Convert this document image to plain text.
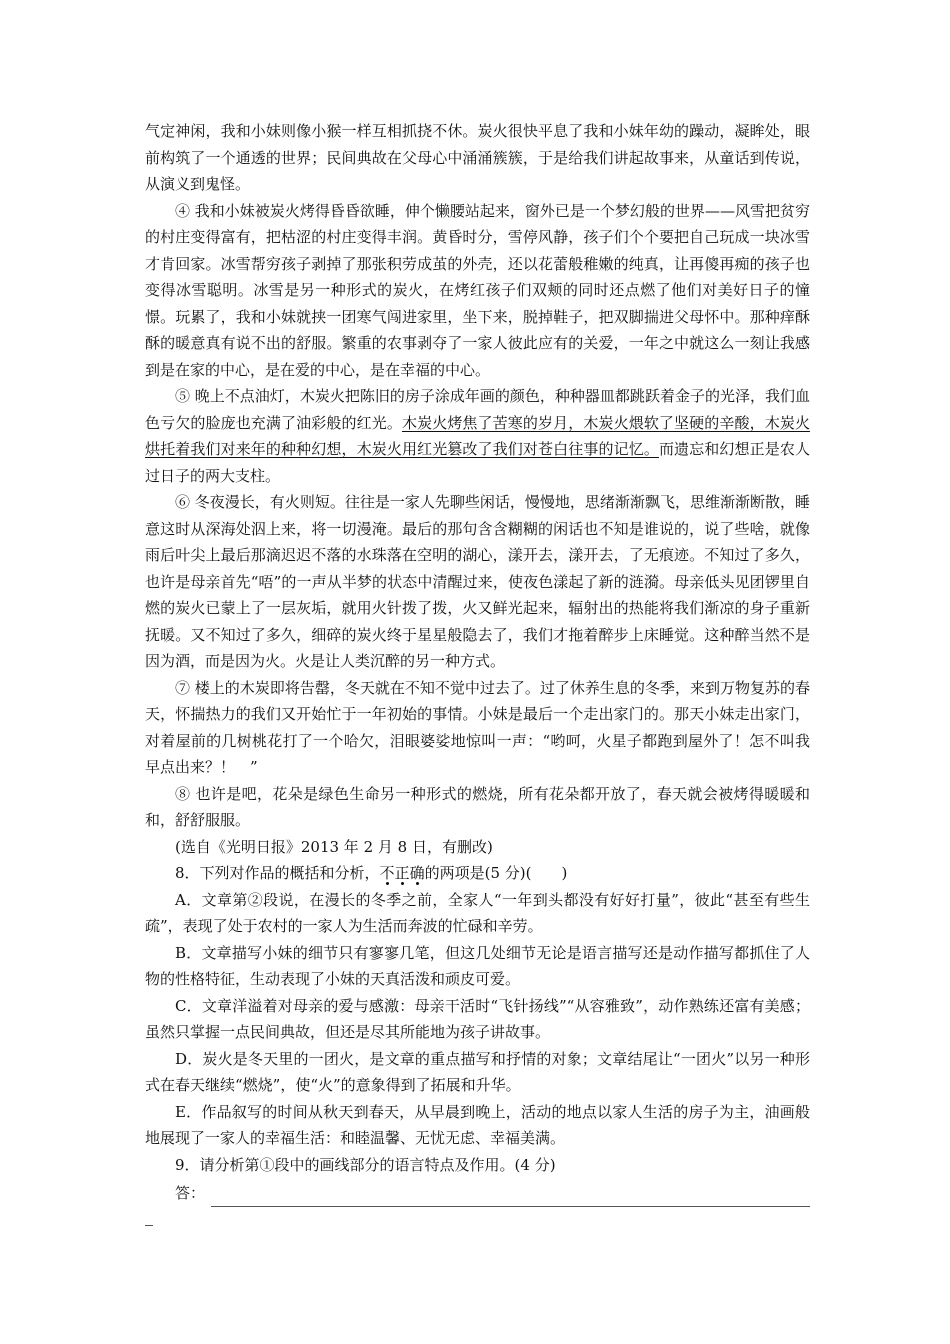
气定神闲，我和小妹则像小猴一样互相抓挠不休。炭火很快平息了我和小妹年幼的躁动，凝眸处，眼前构筑了一个通透的世界；民间典故在父母心中涌涌簇簇，于是给我们讲起故事来，从童话到传说，从演义到鬼怪。

④ 我和小妹被炭火烤得昏昏欲睡，伸个懒腰站起来，窗外已是一个梦幻般的世界——风雪把贫穷的村庄变得富有，把枯涩的村庄变得丰润。黄昏时分，雪停风静，孩子们个个要把自己玩成一块冰雪才肯回家。冰雪帮穷孩子剥掉了那张积劳成茧的外壳，还以花蕾般稚嫩的纯真，让再傻再痴的孩子也变得冰雪聪明。冰雪是另一种形式的炭火，在烤红孩子们双颊的同时还点燃了他们对美好日子的憧憬。玩累了，我和小妹就挟一团寒气闯进家里，坐下来，脱掉鞋子，把双脚揣进父母怀中。那种痒酥酥的暖意真有说不出的舒服。繁重的农事剥夺了一家人彼此应有的关爱，一年之中就这么一刻让我感到是在家的中心，是在爱的中心，是在幸福的中心。

⑤ 晚上不点油灯，木炭火把陈旧的房子涂成年画的颜色，种种器皿都跳跃着金子的光泽，我们血色亏欠的脸庞也充满了油彩般的红光。木炭火烤焦了苦寒的岁月，木炭火煨软了坚硬的辛酸，木炭火烘托着我们对来年的种种幻想，木炭火用红光篡改了我们对苍白往事的记忆。而遗忘和幻想正是农人过日子的两大支柱。

⑥ 冬夜漫长，有火则短。往往是一家人先聊些闲话，慢慢地，思绪渐渐飘飞，思维渐渐断散，睡意这时从深海处泅上来，将一切漫淹。最后的那句含含糊糊的闲话也不知是谁说的，说了些啥，就像雨后叶尖上最后那滴迟迟不落的水珠落在空明的湖心，漾开去，漾开去，了无痕迹。不知过了多久，也许是母亲首先“唔”的一声从半梦的状态中清醒过来，使夜色漾起了新的涟漪。母亲低头见团锣里自燃的炭火已蒙上了一层灰垢，就用火针拨了拨，火又鲜光起来，辐射出的热能将我们渐凉的身子重新抚暖。又不知过了多久，细碎的炭火终于星星般隐去了，我们才拖着醉步上床睡觉。这种醉当然不是因为酒，而是因为火。火是让人类沉醉的另一种方式。

⑦ 楼上的木炭即将告罄，冬天就在不知不觉中过去了。过了休养生息的冬季，来到万物复苏的春天，怀揣热力的我们又开始忙于一年初始的事情。小妹是最后一个走出家门的。那天小妹走出家门，对着屋前的几树桃花打了一个哈欠，泪眼婆娑地惊叫一声：“哟呵，火星子都跑到屋外了！怎不叫我早点出来？！　”

⑧ 也许是吧，花朵是绿色生命另一种形式的燃烧，所有花朵都开放了，春天就会被烤得暖暖和和，舒舒服服。

(选自《光明日报》2013 年 2 月 8 日，有删改)

8．下列对作品的概括和分析，不正确的两项是(5 分)(　　)

A．文章第②段说，在漫长的冬季之前，全家人“一年到头都没有好好打量”，彼此“甚至有些生疏”，表现了处于农村的一家人为生活而奔波的忙碌和辛劳。

B．文章描写小妹的细节只有寥寥几笔，但这几处细节无论是语言描写还是动作描写都抓住了人物的性格特征，生动表现了小妹的天真活泼和顽皮可爱。

C．文章洋溢着对母亲的爱与感激：母亲干活时“飞针扬线”“从容雅致”，动作熟练还富有美感；虽然只掌握一点民间典故，但还是尽其所能地为孩子讲故事。

D．炭火是冬天里的一团火，是文章的重点描写和抒情的对象；文章结尾让“一团火”以另一种形式在春天继续“燃烧”，使“火”的意象得到了拓展和升华。

E．作品叙写的时间从秋天到春天，从早晨到晚上，活动的地点以家人生活的房子为主，油画般地展现了一家人的幸福生活：和睦温馨、无忧无虑、幸福美满。

9．请分析第①段中的画线部分的语言特点及作用。(4 分)

答：
